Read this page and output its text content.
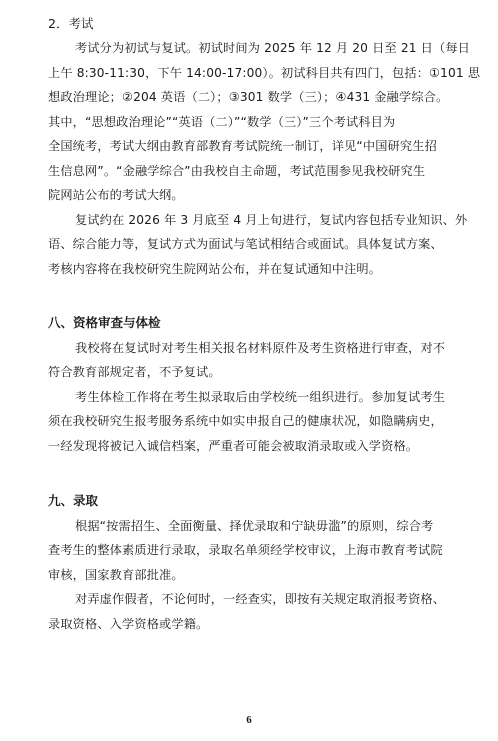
2．考试
考试分为初试与复试。初试时间为 2025 年 12 月 20 日至 21 日（每日
上午 8:30-11:30，下午 14:00-17:00）。初试科目共有四门，包括：①101 思
想政治理论；②204 英语（二）；③301 数学（三）；④431 金融学综合。
其中，“思想政治理论”“英语（二）”“数学（三）”三个考试科目为
全国统考，考试大纲由教育部教育考试院统一制订，详见“中国研究生招
生信息网”。“金融学综合”由我校自主命题，考试范围参见我校研究生
院网站公布的考试大纲。
复试约在 2026 年 3 月底至 4 月上旬进行，复试内容包括专业知识、外
语、综合能力等，复试方式为面试与笔试相结合或面试。具体复试方案、
考核内容将在我校研究生院网站公布，并在复试通知中注明。
八、资格审查与体检
我校将在复试时对考生相关报名材料原件及考生资格进行审查，对不
符合教育部规定者，不予复试。
考生体检工作将在考生拟录取后由学校统一组织进行。参加复试考生
须在我校研究生报考服务系统中如实申报自己的健康状况，如隐瞒病史，
一经发现将被记入诚信档案，严重者可能会被取消录取或入学资格。
九、录取
根据“按需招生、全面衡量、择优录取和宁缺毋滥”的原则，综合考
查考生的整体素质进行录取，录取名单须经学校审议，上海市教育考试院
审核，国家教育部批准。
对弄虚作假者，不论何时，一经查实，即按有关规定取消报考资格、
录取资格、入学资格或学籍。
6
